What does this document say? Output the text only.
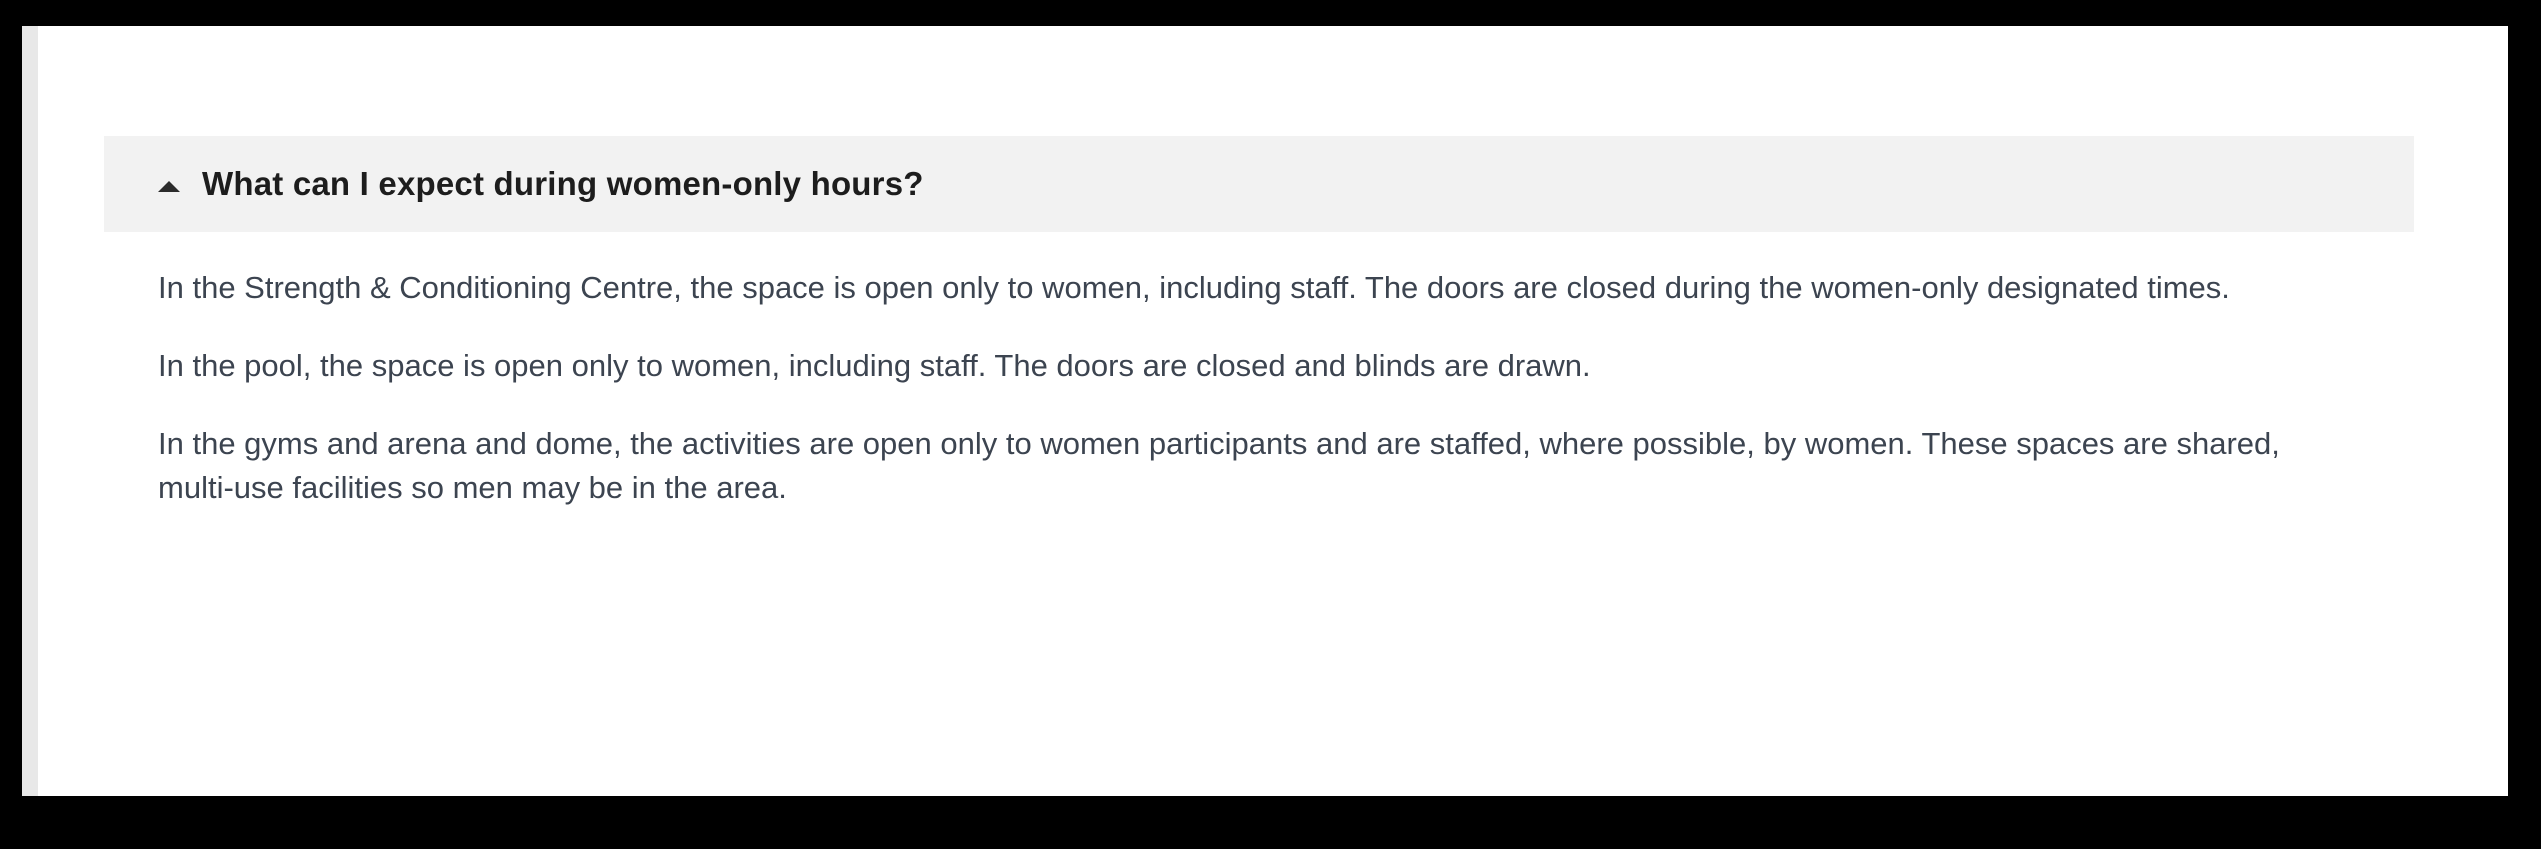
What can I expect during women-only hours?

In the Strength & Conditioning Centre, the space is open only to women, including staff. The doors are closed during the women-only designated times.

In the pool, the space is open only to women, including staff. The doors are closed and blinds are drawn.

In the gyms and arena and dome, the activities are open only to women participants and are staffed, where possible, by women. These spaces are shared, multi-use facilities so men may be in the area.
